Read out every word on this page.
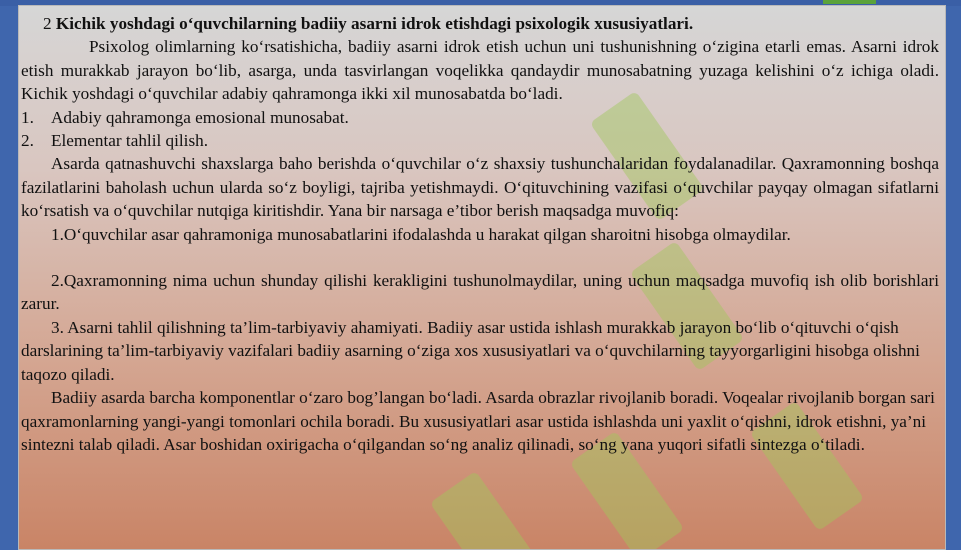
2 Kichik yoshdagi o‘quvchilarning badiiy asarni idrok etishdagi psixologik xususiyatlari.

Psixolog olimlarning ko‘rsatishicha, badiiy asarni idrok etish uchun uni tushunishning o‘zigina etarli emas. Asarni idrok etish murakkab jarayon bo‘lib, asarga, unda tasvirlangan voqelikka qandaydir munosabatning yuzaga kelishini o‘z ichiga oladi. Kichik yoshdagi o‘quvchilar adabiy qahramonga ikki xil munosabatda bo‘ladi.

1. Adabiy qahramonga emosional munosabat.
2. Elementar tahlil qilish.

Asarda qatnashuvchi shaxslarga baho berishda o‘quvchilar o‘z shaxsiy tushunchalaridan foydalanadilar. Qaxramonning boshqa fazilatlarini baholash uchun ularda so‘z boyligi, tajriba yetishmaydi. O‘qituvchining vazifasi o‘quvchilar payqay olmagan sifatlarni ko‘rsatish va o‘quvchilar nutqiga kiritishdir. Yana bir narsaga e’tibor berish maqsadga muvofiq:

1.O‘quvchilar asar qahramoniga munosabatlarini ifodalashda u harakat qilgan sharoitni hisobga olmaydilar.

2.Qaxramonning nima uchun shunday qilishi kerakligini tushunolmaydilar, uning uchun maqsadga muvofiq ish olib borishlari zarur.

3. Asarni tahlil qilishning ta’lim-tarbiyaviy ahamiyati. Badiiy asar ustida ishlash murakkab jarayon bo‘lib o‘qituvchi o‘qish darslarining ta’lim-tarbiyaviy vazifalari badiiy asarning o‘ziga xos xususiyatlari va o‘quvchilarning tayyorgarligini hisobga olishni taqozo qiladi.

Badiiy asarda barcha komponentlar o‘zaro bog’langan bo‘ladi. Asarda obrazlar rivojlanib boradi. Voqealar rivojlanib borgan sari qaxramonlarning yangi-yangi tomonlari ochila boradi. Bu xususiyatlari asar ustida ishlashda uni yaxlit o‘qishni, idrok etishni, ya’ni sintezni talab qiladi. Asar boshidan oxirigacha o‘qilgandan so‘ng analiz qilinadi, so‘ng yana yuqori sifatli sintezga o‘tiladi.
